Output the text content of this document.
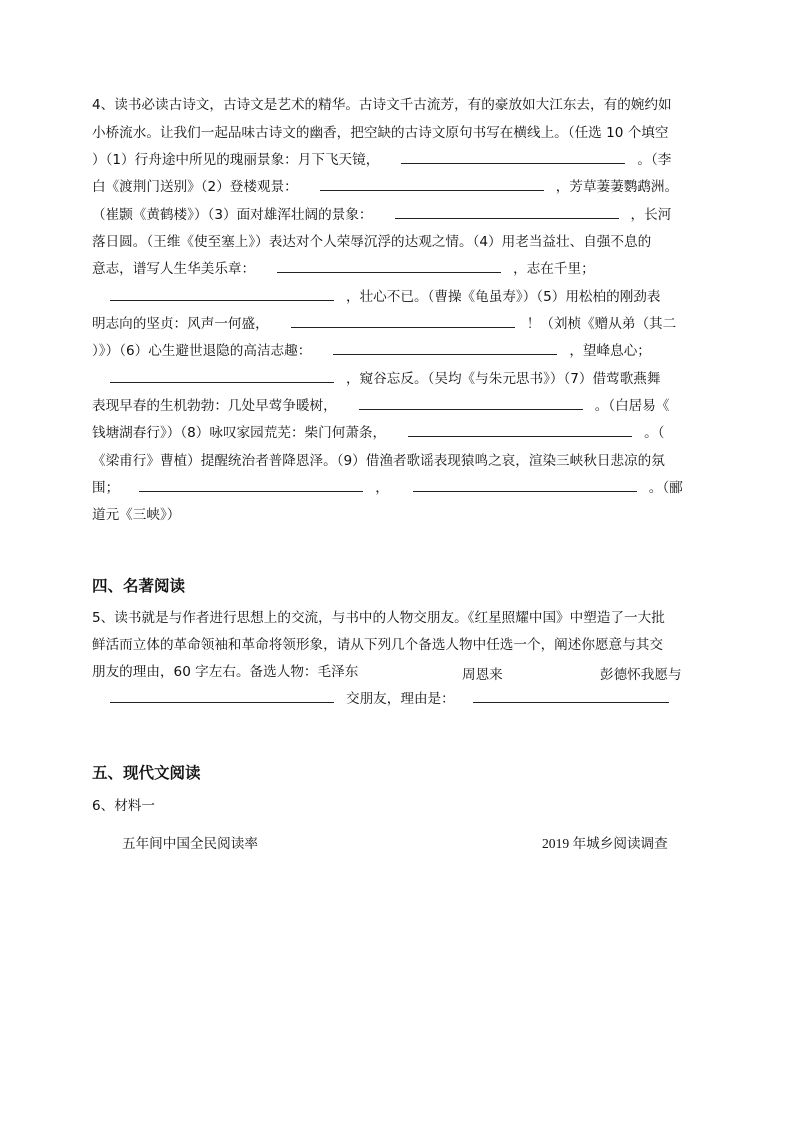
4、读书必读古诗文，古诗文是艺术的精华。古诗文千古流芳，有的豪放如大江东去，有的婉约如
小桥流水。让我们一起品味古诗文的幽香，把空缺的古诗文原句书写在横线上。（任选 10 个填空
）（1）行舟途中所见的瑰丽景象：月下飞天镜，	。（李
白《渡荆门送别》（2）登楼观景：	，芳草萋萋鹦鹉洲。
（崔颢《黄鹤楼》）（3）面对雄浑壮阔的景象：	，长河
落日圆。（王维《使至塞上》）表达对个人荣辱沉浮的达观之情。（4）用老当益壮、自强不息的
意志，谱写人生华美乐章：	，志在千里；
，壮心不已。（曹操《龟虽寿》）（5）用松柏的刚劲表
明志向的坚贞：风声一何盛，	！（刘桢《赠从弟（其二
）》）（6）心生避世退隐的高洁志趣：	，望峰息心；
，窥谷忘反。（吴均《与朱元思书》）（7）借莺歌燕舞
表现早春的生机勃勃：几处早莺争暖树，	。（白居易《
钱塘湖春行》）（8）咏叹家园荒芜：柴门何萧条，	。（
《梁甫行》曹植）提醒统治者普降恩泽。（9）借渔者歌谣表现猿鸣之哀，渲染三峡秋日悲凉的氛
围；	，	。（郦
道元《三峡》）
四、名著阅读
5、读书就是与作者进行思想上的交流，与书中的人物交朋友。《红星照耀中国》中塑造了一大批
鲜活而立体的革命领袖和革命将领形象，请从下列几个备选人物中任选一个，阐述你愿意与其交
朋友的理由，60 字左右。备选人物：毛泽东	周恩来	彭德怀我愿与
交朋友，理由是：
五、现代文阅读
6、材料一
五年间中国全民阅读率	2019 年城乡阅读调查
